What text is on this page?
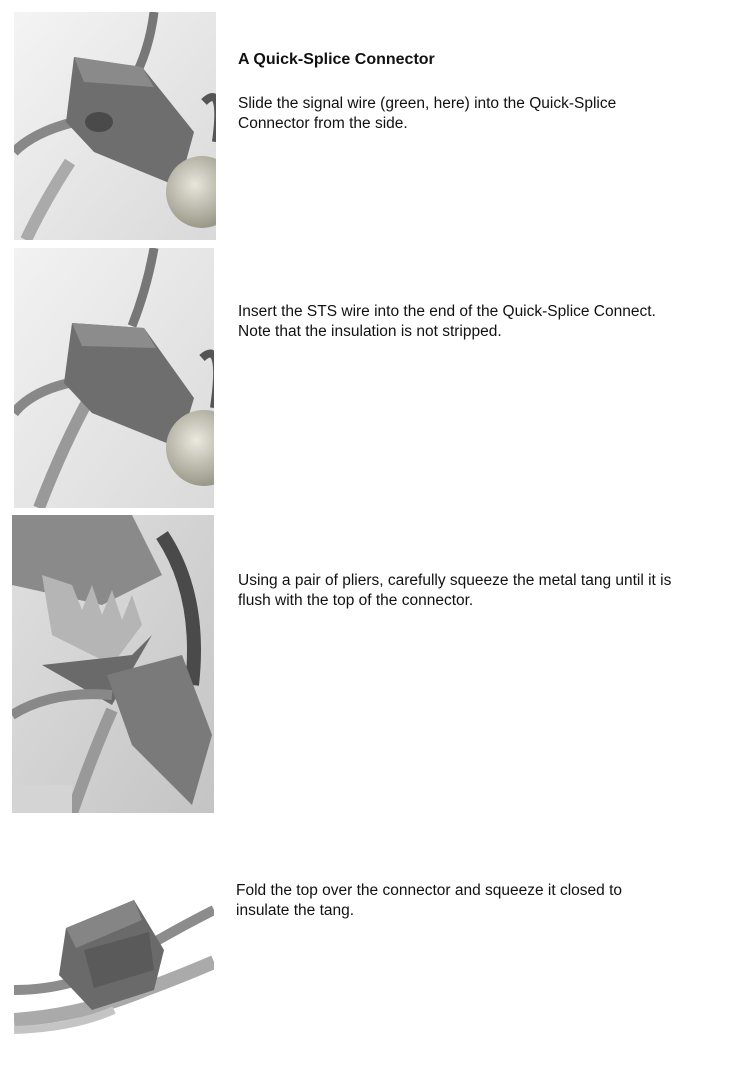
A Quick-Splice Connector
Slide the signal wire (green, here) into the Quick-Splice
Connector from the side.
Insert the STS wire into the end of the Quick-Splice Connect.
Note that the insulation is not stripped.
Using a pair of pliers, carefully squeeze the metal tang until it is
flush with the top of the connector.
Fold the top over the connector and squeeze it closed to
insulate the tang.
